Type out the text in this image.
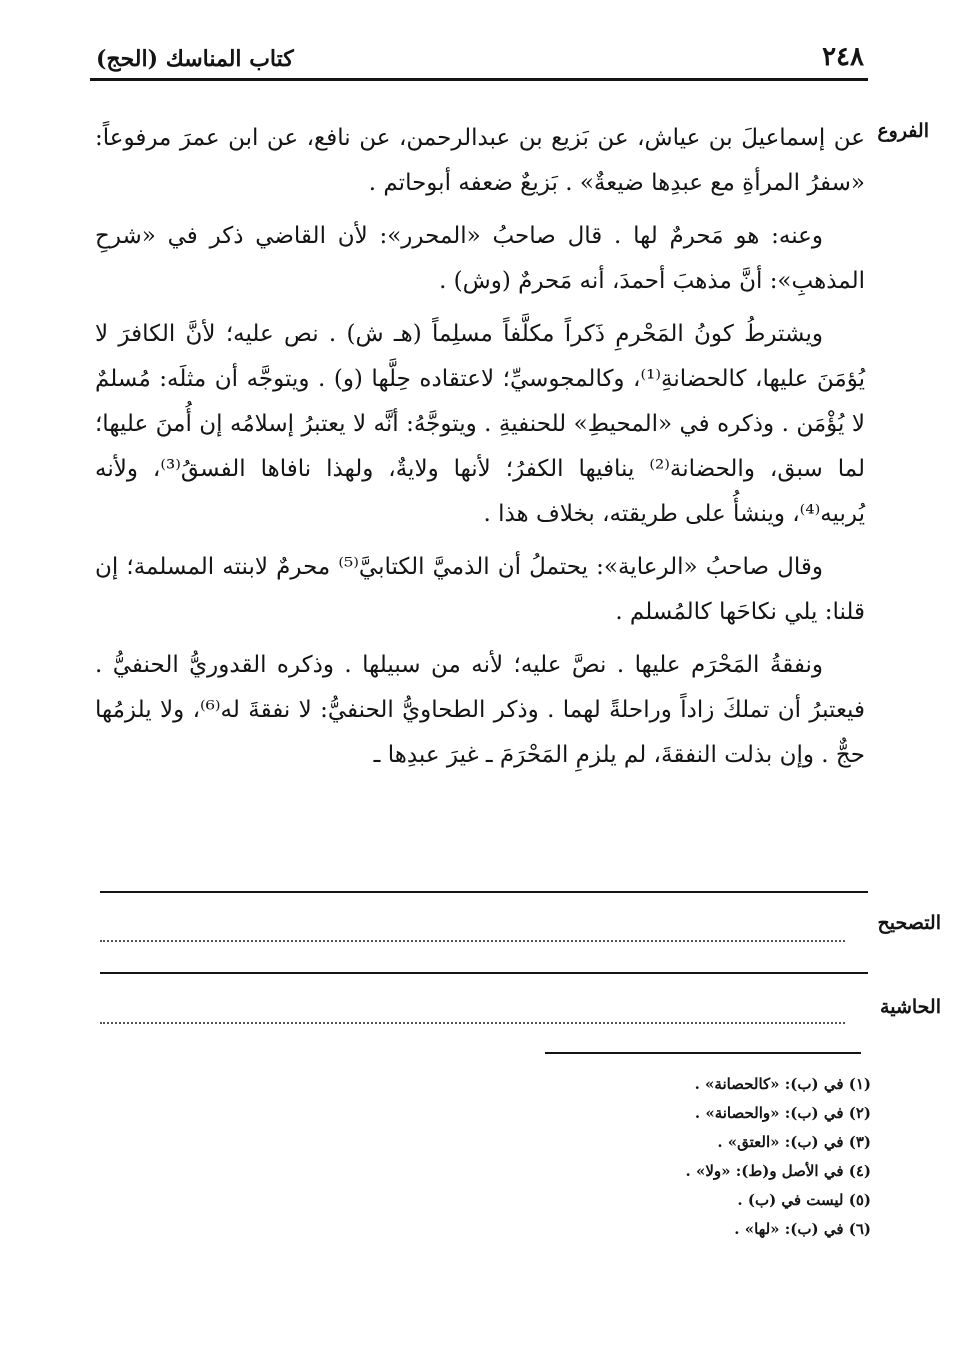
٢٤٨
كتاب المناسك (الحج)
الفروع

عن إسماعيلَ بن عياش، عن بَزيع بن عبدالرحمن، عن نافع، عن ابن عمرَ مرفوعاً: «سفرُ المرأةِ مع عبدِها ضيعةٌ» . بَزيعٌ ضعفه أبوحاتم .

وعنه: هو مَحرمٌ لها . قال صاحبُ «المحرر»: لأن القاضي ذكر في «شرحِ المذهبِ»: أنَّ مذهبَ أحمدَ، أنه مَحرمٌ (وش) .

ويشترطُ كونُ المَحْرمِ ذَكراً مكلَّفاً مسلِماً (هـ ش) . نص عليه؛ لأنَّ الكافرَ لا يُؤمَنَ عليها، كالحضانةِ⁽¹⁾، وكالمجوسيِّ؛ لاعتقاده حِلَّها (و) . ويتوجَّه أن مثلَه: مُسلمٌ لا يُؤْمَن . وذكره في «المحيطِ» للحنفيةِ . ويتوجَّهُ: أنَّه لا يعتبرُ إسلامُه إن أُمنَ عليها؛ لما سبق، والحضانة⁽²⁾ ينافيها الكفرُ؛ لأنها ولايةٌ، ولهذا نافاها الفسقُ⁽³⁾، ولأنه يُربيه⁽⁴⁾، وينشأُ على طريقته، بخلاف هذا .

وقال صاحبُ «الرعاية»: يحتملُ أن الذميَّ الكتابيَّ⁽⁵⁾ محرمٌ لابنته المسلمة؛ إن قلنا: يلي نكاحَها كالمُسلم .

ونفقةُ المَحْرَم عليها . نصَّ عليه؛ لأنه من سبيلها . وذكره القدوريُّ الحنفيُّ . فيعتبرُ أن تملكَ زاداً وراحلةً لهما . وذكر الطحاويُّ الحنفيُّ: لا نفقةَ له⁽⁶⁾، ولا يلزمُها حجٌّ . وإن بذلت النفقةَ، لم يلزمِ المَحْرَمَ ـ غيرَ عبدِها ـ

التصحيح
الحاشية
(١) في (ب): «كالحصانة» .
(٢) في (ب): «والحصانة» .
(٣) في (ب): «العتق» .
(٤) في الأصل و(ط): «ولا» .
(٥) ليست في (ب) .
(٦) في (ب): «لها» .
